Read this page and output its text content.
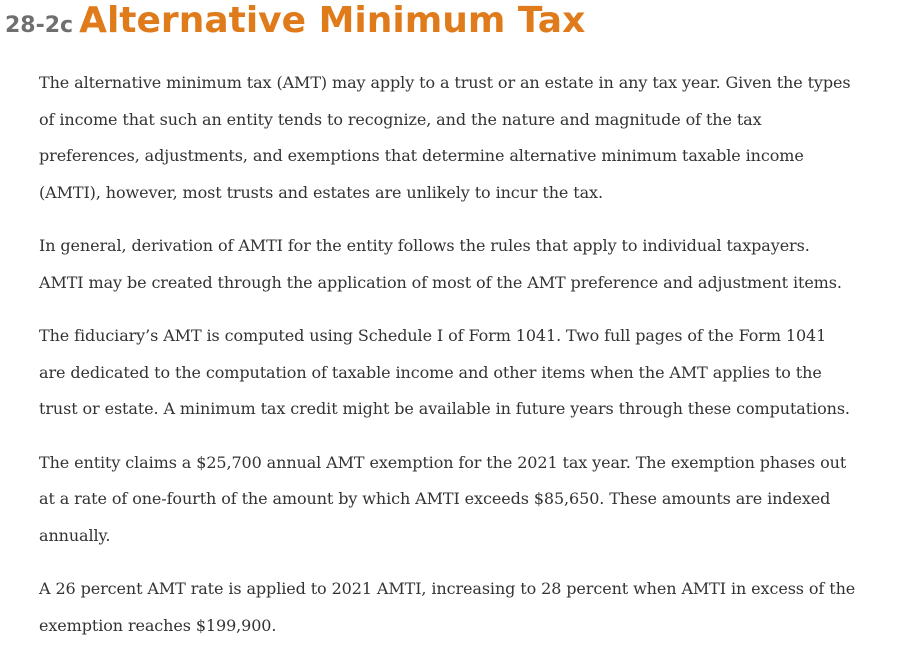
28-2c Alternative Minimum Tax

The alternative minimum tax (AMT) may apply to a trust or an estate in any tax year. Given the types
of income that such an entity tends to recognize, and the nature and magnitude of the tax
preferences, adjustments, and exemptions that determine alternative minimum taxable income
(AMTI), however, most trusts and estates are unlikely to incur the tax.

In general, derivation of AMTI for the entity follows the rules that apply to individual taxpayers.
AMTI may be created through the application of most of the AMT preference and adjustment items.

The fiduciary’s AMT is computed using Schedule I of Form 1041. Two full pages of the Form 1041
are dedicated to the computation of taxable income and other items when the AMT applies to the
trust or estate. A minimum tax credit might be available in future years through these computations.

The entity claims a $25,700 annual AMT exemption for the 2021 tax year. The exemption phases out
at a rate of one-fourth of the amount by which AMTI exceeds $85,650. These amounts are indexed
annually.

A 26 percent AMT rate is applied to 2021 AMTI, increasing to 28 percent when AMTI in excess of the
exemption reaches $199,900.
